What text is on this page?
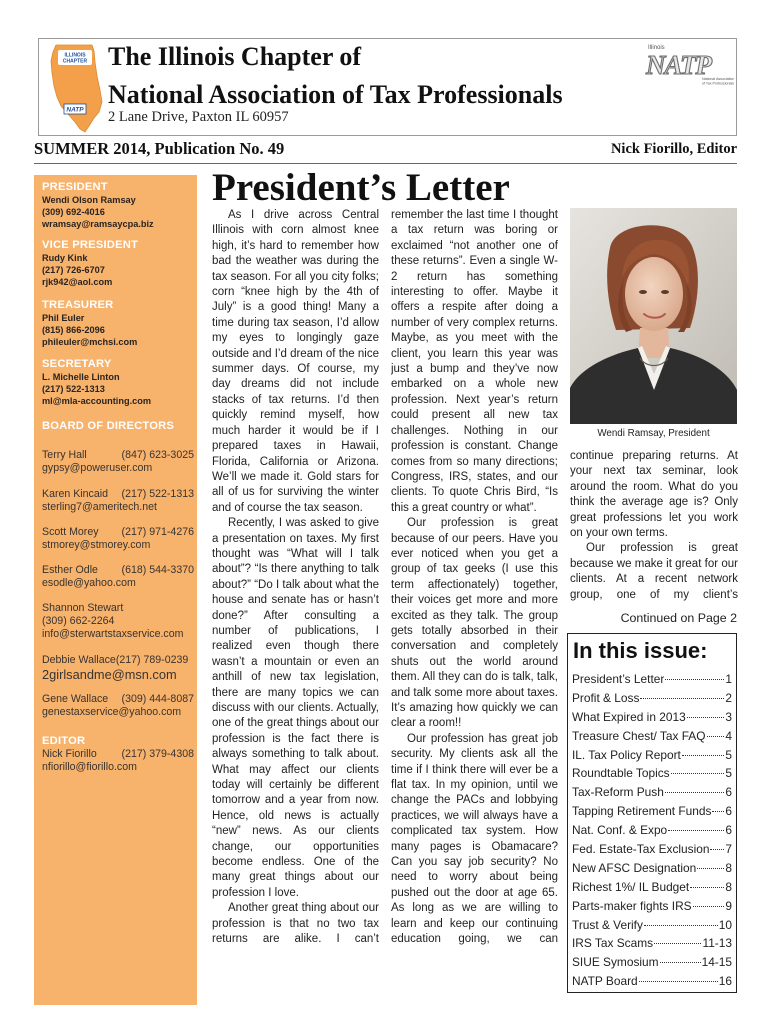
ILLINOIS
CHAPTER
NATP
The Illinois Chapter of
National Association of Tax Professionals
2 Lane Drive, Paxton IL 60957
Illinois
NATP
National Association
of Tax Professionals
SUMMER 2014, Publication No. 49	Nick Fiorillo, Editor
PRESIDENT
Wendi Olson Ramsay
(309) 692-4016
wramsay@ramsaycpa.biz
VICE PRESIDENT
Rudy Kink
(217) 726-6707
rjk942@aol.com
TREASURER
Phil Euler
(815) 866-2096
phileuler@mchsi.com
SECRETARY
L. Michelle Linton
(217) 522-1313
ml@mla-accounting.com
BOARD OF DIRECTORS
Terry Hall	(847) 623-3025
gypsy@poweruser.com
Karen Kincaid (217) 522-1313
sterling7@ameritech.net
Scott Morey (217) 971-4276
stmorey@stmorey.com
Esther Odle (618) 544-3370
esodle@yahoo.com
Shannon Stewart
(309) 662-2264
info@sterwartstaxservice.com
Debbie Wallace (217) 789-0239
2girlsandme@msn.com
Gene Wallace (309) 444-8087
genestaxservice@yahoo.com
EDITOR
Nick Fiorillo (217) 379-4308
nfiorillo@fiorillo.com
President’s Letter

As I drive across Central Illinois with corn almost knee high, it’s hard to remember how bad the weather was during the tax season. For all you city folks; corn “knee high by the 4th of July” is a good thing! Many a time during tax season, I’d allow my eyes to longingly gaze outside and I’d dream of the nice summer days. Of course, my day dreams did not include stacks of tax returns. I’d then quickly remind myself, how much harder it would be if I prepared taxes in Hawaii, Florida, California or Arizona. We’ll we made it. Gold stars for all of us for surviving the winter and of course the tax season.

Recently, I was asked to give a presentation on taxes. My first thought was “What will I talk about”? “Is there anything to talk about?” “Do I talk about what the house and senate has or hasn’t done?” After consulting a number of publications, I realized even though there wasn’t a mountain or even an anthill of new tax legislation, there are many topics we can discuss with our clients. Actually, one of the great things about our profession is the fact there is always something to talk about. What may affect our clients today will certainly be different tomorrow and a year from now. Hence, old news is actually “new” news. As our clients change, our opportunities become endless. One of the many great things about our profession I love.

Another great thing about our profession is that no two tax returns are alike. I can’t

remember the last time I thought a tax return was boring or exclaimed “not another one of these returns”. Even a single W-2 return has something interesting to offer. Maybe it offers a respite after doing a number of very complex returns. Maybe, as you meet with the client, you learn this year was just a bump and they’ve now embarked on a whole new profession. Next year’s return could present all new tax challenges. Nothing in our profession is constant. Change comes from so many directions; Congress, IRS, states, and our clients. To quote Chris Bird, “Is this a great country or what”.

Our profession is great because of our peers. Have you ever noticed when you get a group of tax geeks (I use this term affectionately) together, their voices get more and more excited as they talk. The group gets totally absorbed in their conversation and completely shuts out the world around them. All they can do is talk, talk, and talk some more about taxes. It’s amazing how quickly we can clear a room!!

Our profession has great job security. My clients ask all the time if I think there will ever be a flat tax. In my opinion, until we change the PACs and lobbying practices, we will always have a complicated tax system. How many pages is Obamacare? Can you say job security? No need to worry about being pushed out the door at age 65. As long as we are willing to learn and keep our continuing education going, we can

Wendi Ramsay, President

continue preparing returns. At your next tax seminar, look around the room. What do you think the average age is? Only great professions let you work on your own terms.

Our profession is great because we make it great for our clients. At a recent network group, one of my client’s

Continued on Page 2
In this issue:
President’s Letter	1
Profit & Loss	2
What Expired in 2013	3
Treasure Chest/ Tax FAQ 4
IL. Tax Policy Report	5
Roundtable Topics	5
Tax-Reform Push	6
Tapping Retirement Funds 6
Nat. Conf. & Expo	6
Fed. Estate-Tax Exclusion 7
New AFSC Designation 8
Richest 1%/ IL Budget	8
Parts-maker fights IRS	9
Trust & Verify	10
IRS Tax Scams	11-13
SIUE Symosium	14-15
NATP Board	16
